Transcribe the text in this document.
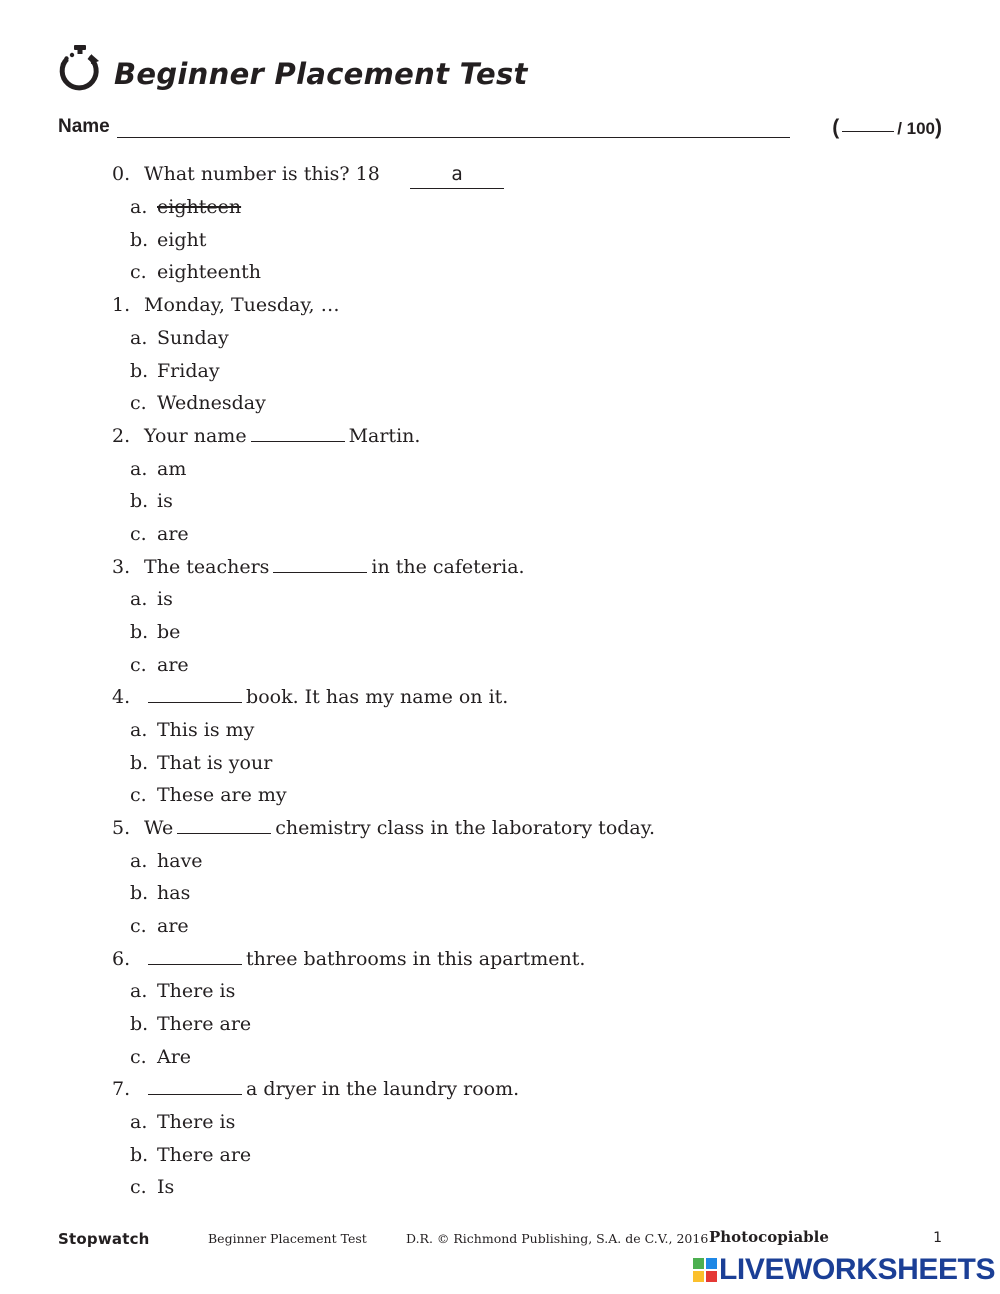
Beginner Placement Test
Name	(	/ 100 )
0. What number is this? 18	a
a. eighteen
b. eight
c. eighteenth
1. Monday, Tuesday, …
a. Sunday
b. Friday
c. Wednesday
2. Your name	Martin.
a. am
b. is
c. are
3. The teachers	in the cafeteria.
a. is
b. be
c. are
4.	book. It has my name on it.
a. This is my
b. That is your
c. These are my
5. We	chemistry class in the laboratory today.
a. have
b. has
c. are
6.	three bathrooms in this apartment.
a. There is
b. There are
c. Are
7.	a dryer in the laundry room.
a. There is
b. There are
c. Is
Stopwatch	Beginner Placement Test	D.R. © Richmond Publishing, S.A. de C.V., 2016 Photocopiable	1
LIVEWORKSHEETS
